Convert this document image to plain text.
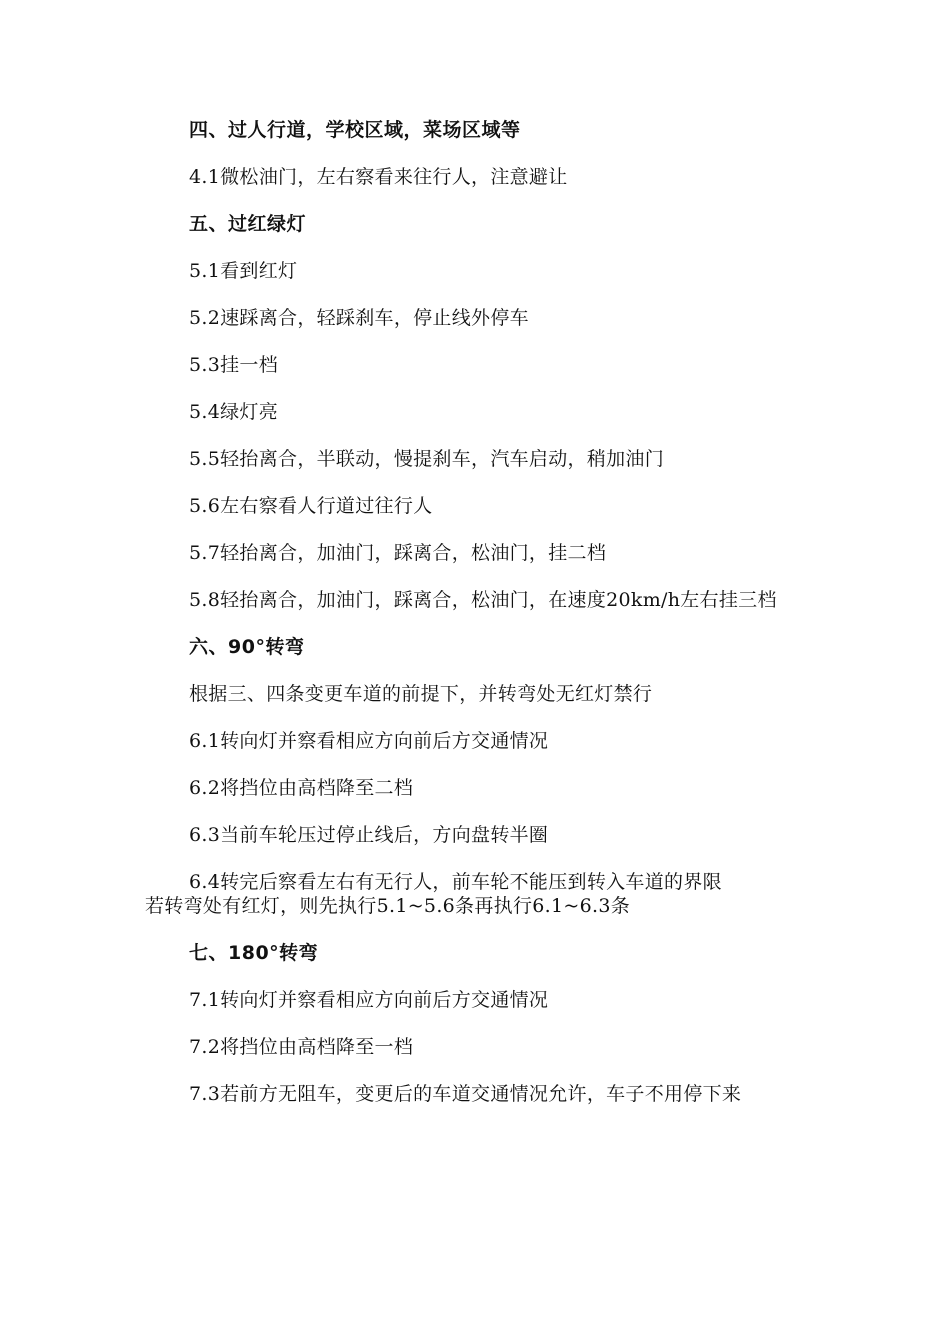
四、过人行道，学校区域，菜场区域等

4.1微松油门，左右察看来往行人，注意避让

五、过红绿灯

5.1看到红灯

5.2速踩离合，轻踩刹车，停止线外停车

5.3挂一档

5.4绿灯亮

5.5轻抬离合，半联动，慢提刹车，汽车启动，稍加油门

5.6左右察看人行道过往行人

5.7轻抬离合，加油门，踩离合，松油门，挂二档

5.8轻抬离合，加油门，踩离合，松油门，在速度20km/h左右挂三档

六、90°转弯

根据三、四条变更车道的前提下，并转弯处无红灯禁行

6.1转向灯并察看相应方向前后方交通情况

6.2将挡位由高档降至二档

6.3当前车轮压过停止线后，方向盘转半圈

6.4转完后察看左右有无行人，前车轮不能压到转入车道的界限

若转弯处有红灯，则先执行5.1~5.6条再执行6.1~6.3条

七、180°转弯

7.1转向灯并察看相应方向前后方交通情况

7.2将挡位由高档降至一档

7.3若前方无阻车，变更后的车道交通情况允许，车子不用停下来
